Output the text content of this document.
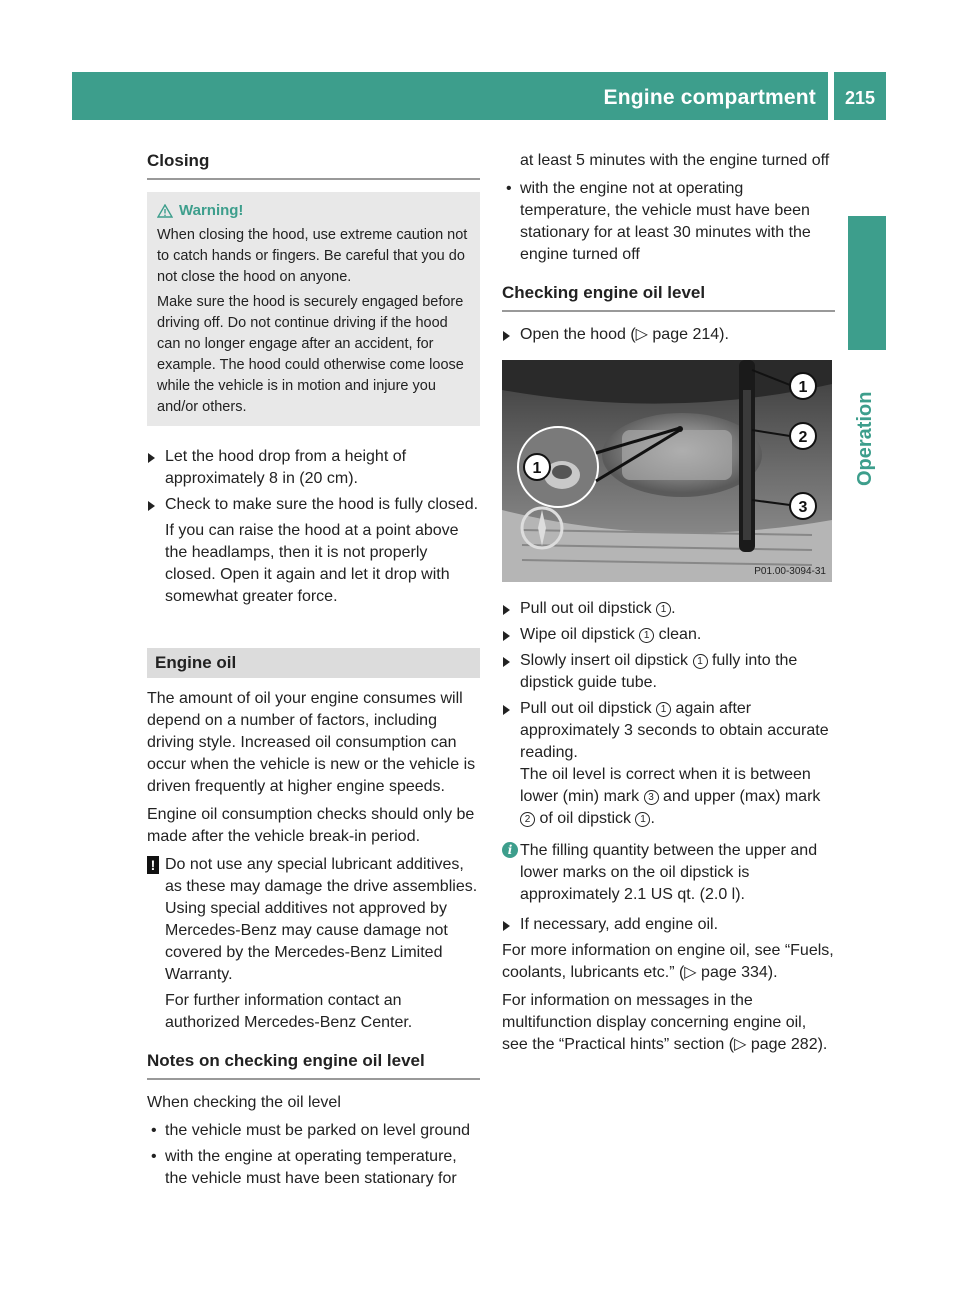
Engine compartment	215
Operation
Closing
Warning!

When closing the hood, use extreme caution not to catch hands or fingers. Be careful that you do not close the hood on anyone.

Make sure the hood is securely engaged before driving off. Do not continue driving if the hood can no longer engage after an accident, for example. The hood could otherwise come loose while the vehicle is in motion and injure you and/or others.

Let the hood drop from a height of approximately 8 in (20 cm).
Check to make sure the hood is fully closed.
If you can raise the hood at a point above the headlamps, then it is not properly closed. Open it again and let it drop with somewhat greater force.
Engine oil

The amount of oil your engine consumes will depend on a number of factors, including driving style. Increased oil consumption can occur when the vehicle is new or the vehicle is driven frequently at higher engine speeds.

Engine oil consumption checks should only be made after the vehicle break-in period.

! Do not use any special lubricant additives, as these may damage the drive assemblies. Using special additives not approved by Mercedes-Benz may cause damage not covered by the Mercedes-Benz Limited Warranty.
For further information contact an authorized Mercedes-Benz Center.
Notes on checking engine oil level

When checking the oil level

• the vehicle must be parked on level ground
• with the engine at operating temperature, the vehicle must have been stationary for
at least 5 minutes with the engine turned off
• with the engine not at operating temperature, the vehicle must have been stationary for at least 30 minutes with the engine turned off
Checking engine oil level
Open the hood (▷ page 214).
1
2
3
1
P01.00-3094-31
Pull out oil dipstick 1 .
Wipe oil dipstick 1 clean.
Slowly insert oil dipstick 1 fully into the dipstick guide tube.
Pull out oil dipstick 1 again after approximately 3 seconds to obtain accurate reading.
The oil level is correct when it is between lower (min) mark 3 and upper (max) mark 2 of oil dipstick 1 .
i The filling quantity between the upper and lower marks on the oil dipstick is approximately 2.1 US qt. (2.0 l).
If necessary, add engine oil.

For more information on engine oil, see “Fuels, coolants, lubricants etc.” (▷ page 334).

For information on messages in the multifunction display concerning engine oil, see the “Practical hints” section (▷ page 282).
